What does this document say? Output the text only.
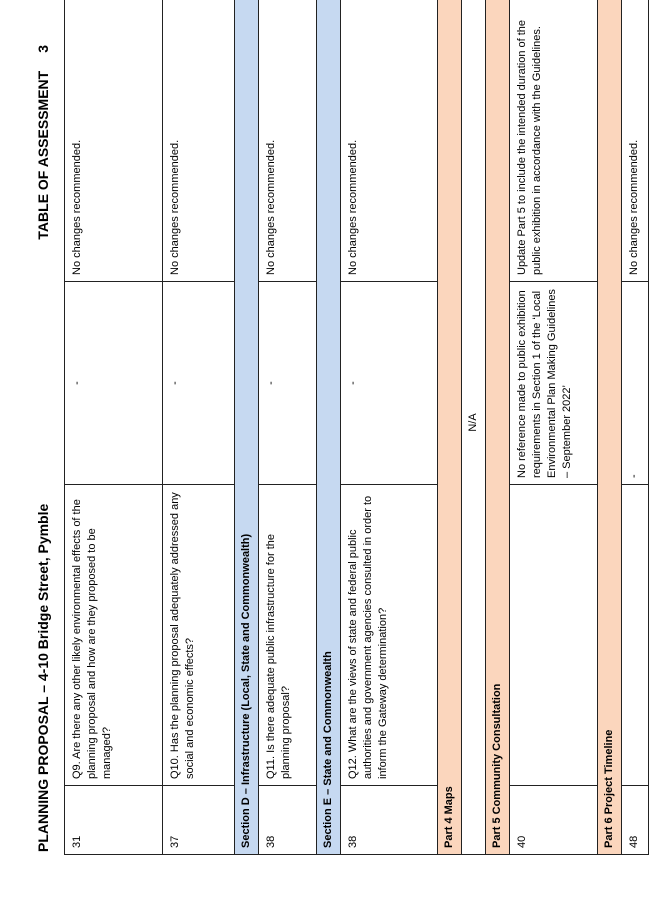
PLANNING PROPOSAL – 4-10 Bridge Street, Pymble
TABLE OF ASSESSMENT3
31	Q9. Are there any other likely environmental effects of the planning proposal and how are they proposed to be managed?	-	No changes recommended.
37	Q10. Has the planning proposal adequately addressed any social and economic effects?	-	No changes recommended.
Section D – Infrastructure (Local, State and Commonwealth)			
38	Q11. Is there adequate public infrastructure for the planning proposal?	-	No changes recommended.
Section E – State and Commonwealth			
38	Q12. What are the views of state and federal public authorities and government agencies consulted in order to inform the Gateway determination?	-	No changes recommended.
Part 4 Maps			
N/A			
Part 5 Community Consultation			
40		No reference made to public exhibition requirements in Section 1 of the ‘Local Environmental Plan Making Guidelines – September 2022’	Update Part 5 to include the intended duration of the public exhibition in accordance with the Guidelines.
Part 6 Project Timeline			
48		-	No changes recommended.
